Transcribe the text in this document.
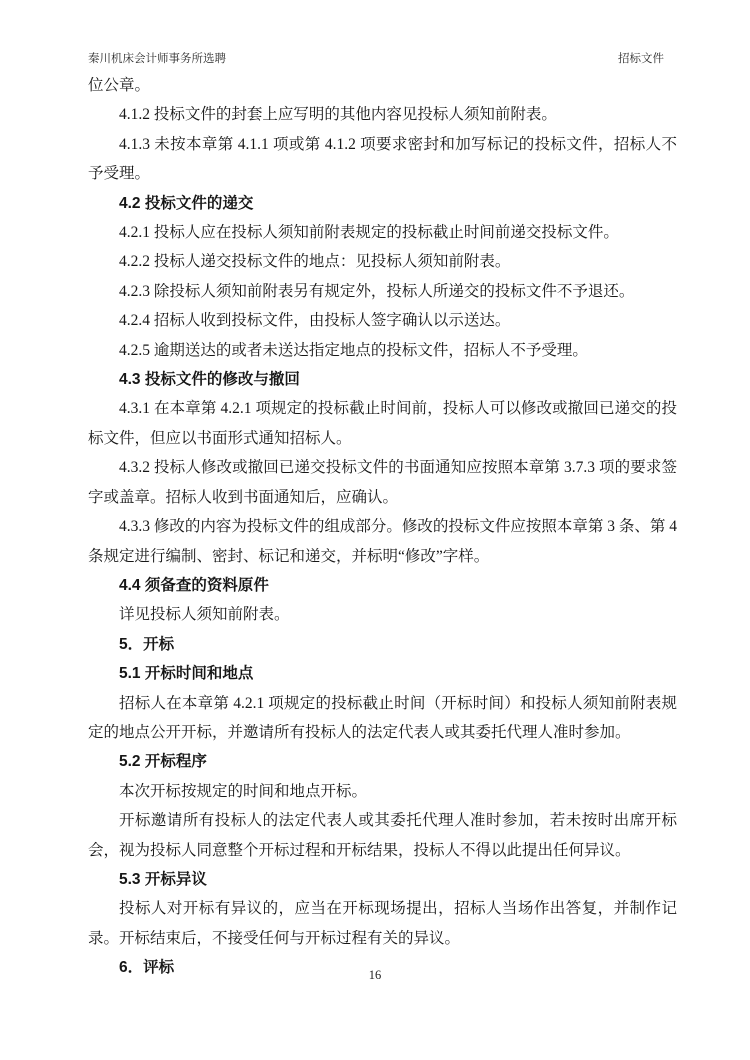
秦川机床会计师事务所选聘	招标文件

位公章。

4.1.2 投标文件的封套上应写明的其他内容见投标人须知前附表。

4.1.3 未按本章第 4.1.1 项或第 4.1.2 项要求密封和加写标记的投标文件，招标人不予受理。

4.2 投标文件的递交

4.2.1 投标人应在投标人须知前附表规定的投标截止时间前递交投标文件。

4.2.2 投标人递交投标文件的地点：见投标人须知前附表。

4.2.3 除投标人须知前附表另有规定外，投标人所递交的投标文件不予退还。

4.2.4 招标人收到投标文件，由投标人签字确认以示送达。

4.2.5 逾期送达的或者未送达指定地点的投标文件，招标人不予受理。

4.3 投标文件的修改与撤回

4.3.1 在本章第 4.2.1 项规定的投标截止时间前，投标人可以修改或撤回已递交的投标文件，但应以书面形式通知招标人。

4.3.2 投标人修改或撤回已递交投标文件的书面通知应按照本章第 3.7.3 项的要求签字或盖章。招标人收到书面通知后，应确认。

4.3.3 修改的内容为投标文件的组成部分。修改的投标文件应按照本章第 3 条、第 4 条规定进行编制、密封、标记和递交，并标明“修改”字样。

4.4 须备查的资料原件

详见投标人须知前附表。

5．开标

5.1 开标时间和地点

招标人在本章第 4.2.1 项规定的投标截止时间（开标时间）和投标人须知前附表规定的地点公开开标，并邀请所有投标人的法定代表人或其委托代理人准时参加。

5.2 开标程序

本次开标按规定的时间和地点开标。

开标邀请所有投标人的法定代表人或其委托代理人准时参加，若未按时出席开标会，视为投标人同意整个开标过程和开标结果，投标人不得以此提出任何异议。

5.3 开标异议

投标人对开标有异议的，应当在开标现场提出，招标人当场作出答复，并制作记录。开标结束后，不接受任何与开标过程有关的异议。

6．评标	16
